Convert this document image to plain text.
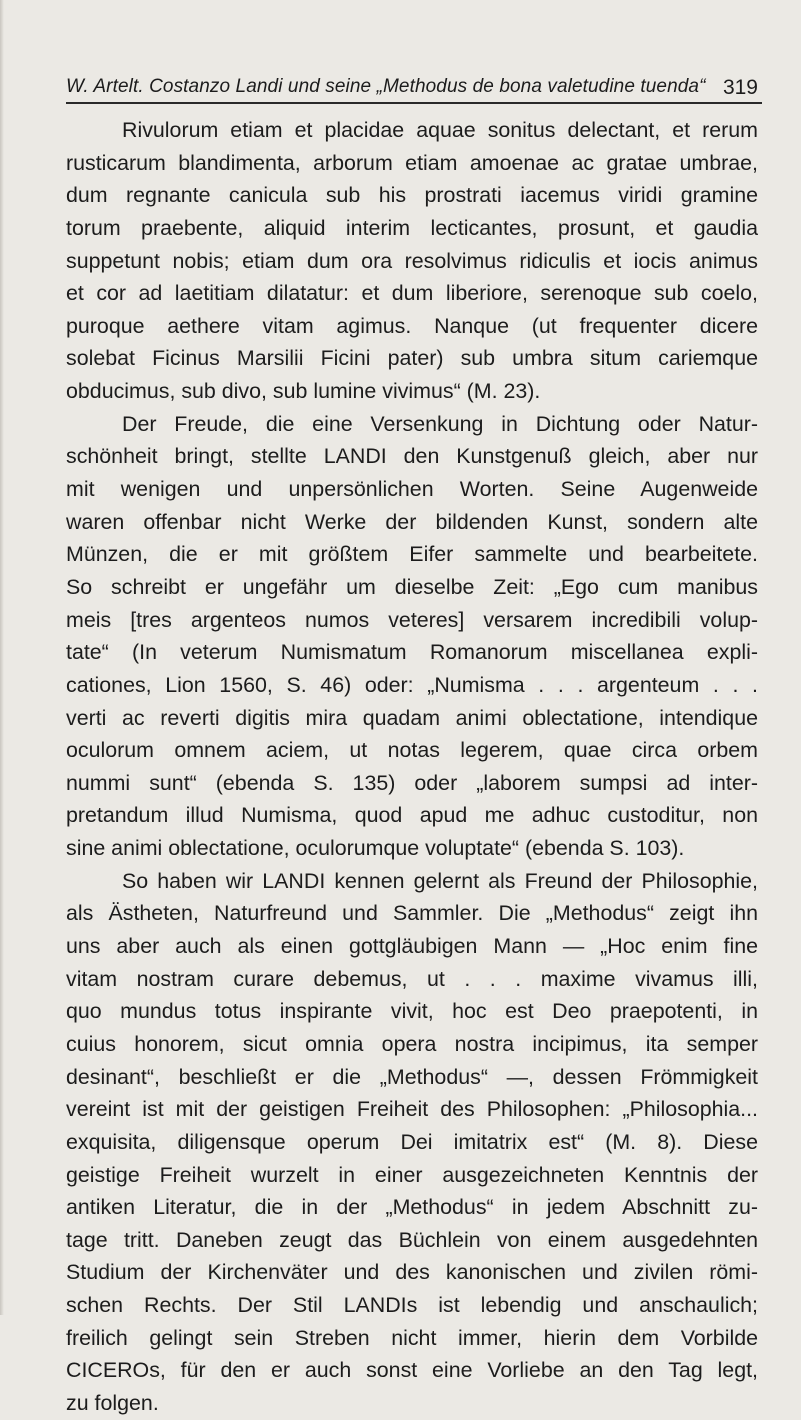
W. Artelt. Costanzo Landi und seine „Methodus de bona valetudine tuenda“ 319
Rivulorum etiam et placidae aquae sonitus delectant, et rerum
rusticarum blandimenta, arborum etiam amoenae ac gratae umbrae,
dum regnante canicula sub his prostrati iacemus viridi gramine
torum praebente, aliquid interim lecticantes, prosunt, et gaudia
suppetunt nobis; etiam dum ora resolvimus ridiculis et iocis animus
et cor ad laetitiam dilatatur: et dum liberiore, serenoque sub coelo,
puroque aethere vitam agimus. Nanque (ut frequenter dicere
solebat Ficinus Marsilii Ficini pater) sub umbra situm cariemque
obducimus, sub divo, sub lumine vivimus“ (M. 23).
Der Freude, die eine Versenkung in Dichtung oder Natur-
schönheit bringt, stellte LANDI den Kunstgenuß gleich, aber nur
mit wenigen und unpersönlichen Worten. Seine Augenweide
waren offenbar nicht Werke der bildenden Kunst, sondern alte
Münzen, die er mit größtem Eifer sammelte und bearbeitete.
So schreibt er ungefähr um dieselbe Zeit: „Ego cum manibus
meis [tres argenteos numos veteres] versarem incredibili volup-
tate“ (In veterum Numismatum Romanorum miscellanea expli-
cationes, Lion 1560, S. 46) oder: „Numisma . . . argenteum . . .
verti ac reverti digitis mira quadam animi oblectatione, intendique
oculorum omnem aciem, ut notas legerem, quae circa orbem
nummi sunt“ (ebenda S. 135) oder „laborem sumpsi ad inter-
pretandum illud Numisma, quod apud me adhuc custoditur, non
sine animi oblectatione, oculorumque voluptate“ (ebenda S. 103).
So haben wir LANDI kennen gelernt als Freund der Philosophie,
als Ästheten, Naturfreund und Sammler. Die „Methodus“ zeigt ihn
uns aber auch als einen gottgläubigen Mann — „Hoc enim fine
vitam nostram curare debemus, ut . . . maxime vivamus illi,
quo mundus totus inspirante vivit, hoc est Deo praepotenti, in
cuius honorem, sicut omnia opera nostra incipimus, ita semper
desinant“, beschließt er die „Methodus“ —, dessen Frömmigkeit
vereint ist mit der geistigen Freiheit des Philosophen: „Philosophia...
exquisita, diligensque operum Dei imitatrix est“ (M. 8). Diese
geistige Freiheit wurzelt in einer ausgezeichneten Kenntnis der
antiken Literatur, die in der „Methodus“ in jedem Abschnitt zu-
tage tritt. Daneben zeugt das Büchlein von einem ausgedehnten
Studium der Kirchenväter und des kanonischen und zivilen römi-
schen Rechts. Der Stil LANDIs ist lebendig und anschaulich;
freilich gelingt sein Streben nicht immer, hierin dem Vorbilde
CICEROs, für den er auch sonst eine Vorliebe an den Tag legt,
zu folgen.
